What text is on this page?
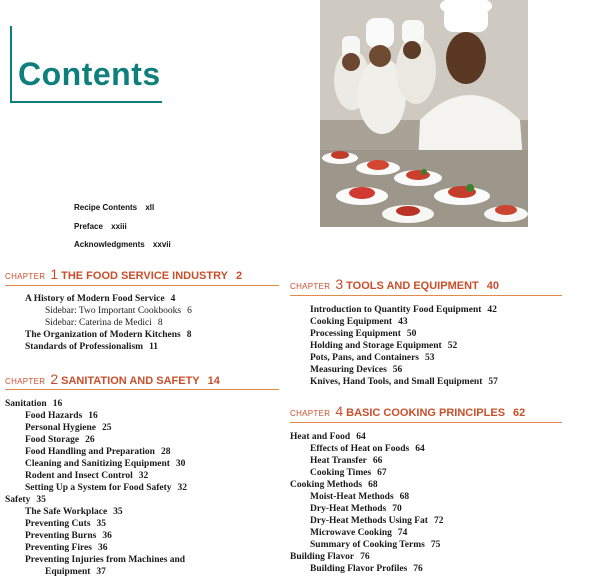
Contents
Recipe Contents xll
Preface xxiii
Acknowledgments xxvii
CHAPTER 1 THE FOOD SERVICE INDUSTRY 2
A History of Modern Food Service 4
Sidebar: Two Important Cookbooks 6
Sidebar: Caterina de Medici 8
The Organization of Modern Kitchens 8
Standards of Professionalism 11
CHAPTER 2 SANITATION AND SAFETY 14
Sanitation 16
Food Hazards 16
Personal Hygiene 25
Food Storage 26
Food Handling and Preparation 28
Cleaning and Sanitizing Equipment 30
Rodent and Insect Control 32
Setting Up a System for Food Safety 32
Safety 35
The Safe Workplace 35
Preventing Cuts 35
Preventing Burns 36
Preventing Fires 36
Preventing Injuries from Machines and
Equipment 37
CHAPTER 3 TOOLS AND EQUIPMENT 40
Introduction to Quantity Food Equipment 42
Cooking Equipment 43
Processing Equipment 50
Holding and Storage Equipment 52
Pots, Pans, and Containers 53
Measuring Devices 56
Knives, Hand Tools, and Small Equipment 57
CHAPTER 4 BASIC COOKING PRINCIPLES 62
Heat and Food 64
Effects of Heat on Foods 64
Heat Transfer 66
Cooking Times 67
Cooking Methods 68
Moist-Heat Methods 68
Dry-Heat Methods 70
Dry-Heat Methods Using Fat 72
Microwave Cooking 74
Summary of Cooking Terms 75
Building Flavor 76
Building Flavor Profiles 76
